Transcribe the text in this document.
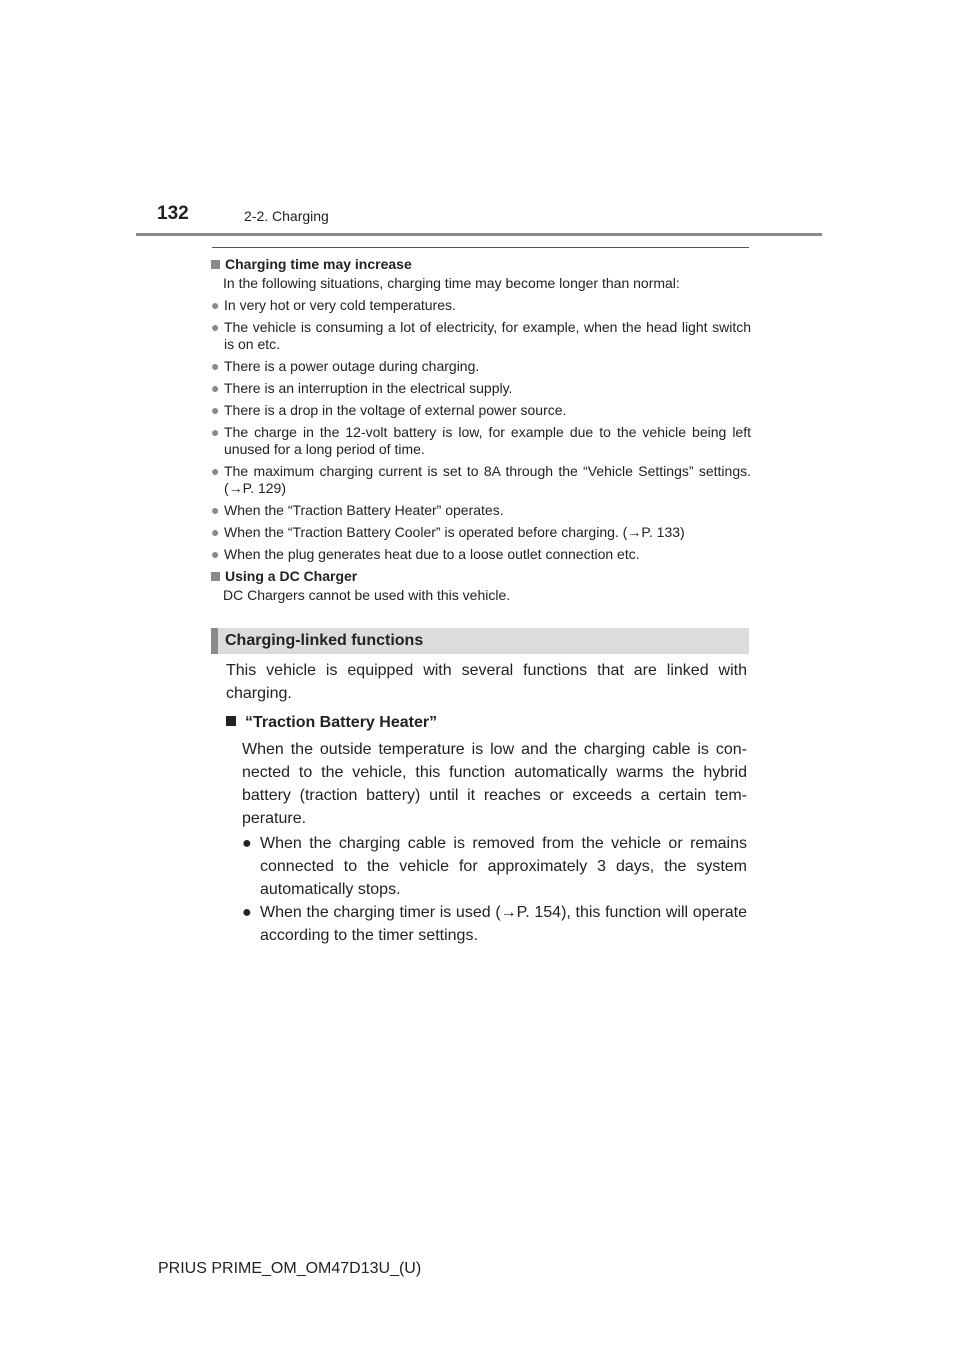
132	2-2. Charging

Charging time may increase

In the following situations, charging time may become longer than normal:

● In very hot or very cold temperatures.
● The vehicle is consuming a lot of electricity, for example, when the head light switch is on etc.
● There is a power outage during charging.
● There is an interruption in the electrical supply.
● There is a drop in the voltage of external power source.
● The charge in the 12-volt battery is low, for example due to the vehicle being left unused for a long period of time.
● The maximum charging current is set to 8A through the “Vehicle Settings” settings. (→P. 129)
● When the “Traction Battery Heater” operates.
● When the “Traction Battery Cooler” is operated before charging. (→P. 133)
● When the plug generates heat due to a loose outlet connection etc.

Using a DC Charger

DC Chargers cannot be used with this vehicle.

Charging-linked functions

This vehicle is equipped with several functions that are linked with charging.

“Traction Battery Heater”

When the outside temperature is low and the charging cable is con-nected to the vehicle, this function automatically warms the hybrid battery (traction battery) until it reaches or exceeds a certain tem-perature.

● When the charging cable is removed from the vehicle or remains connected to the vehicle for approximately 3 days, the system automatically stops.
● When the charging timer is used (→P. 154), this function will operate according to the timer settings.
PRIUS PRIME_OM_OM47D13U_(U)
